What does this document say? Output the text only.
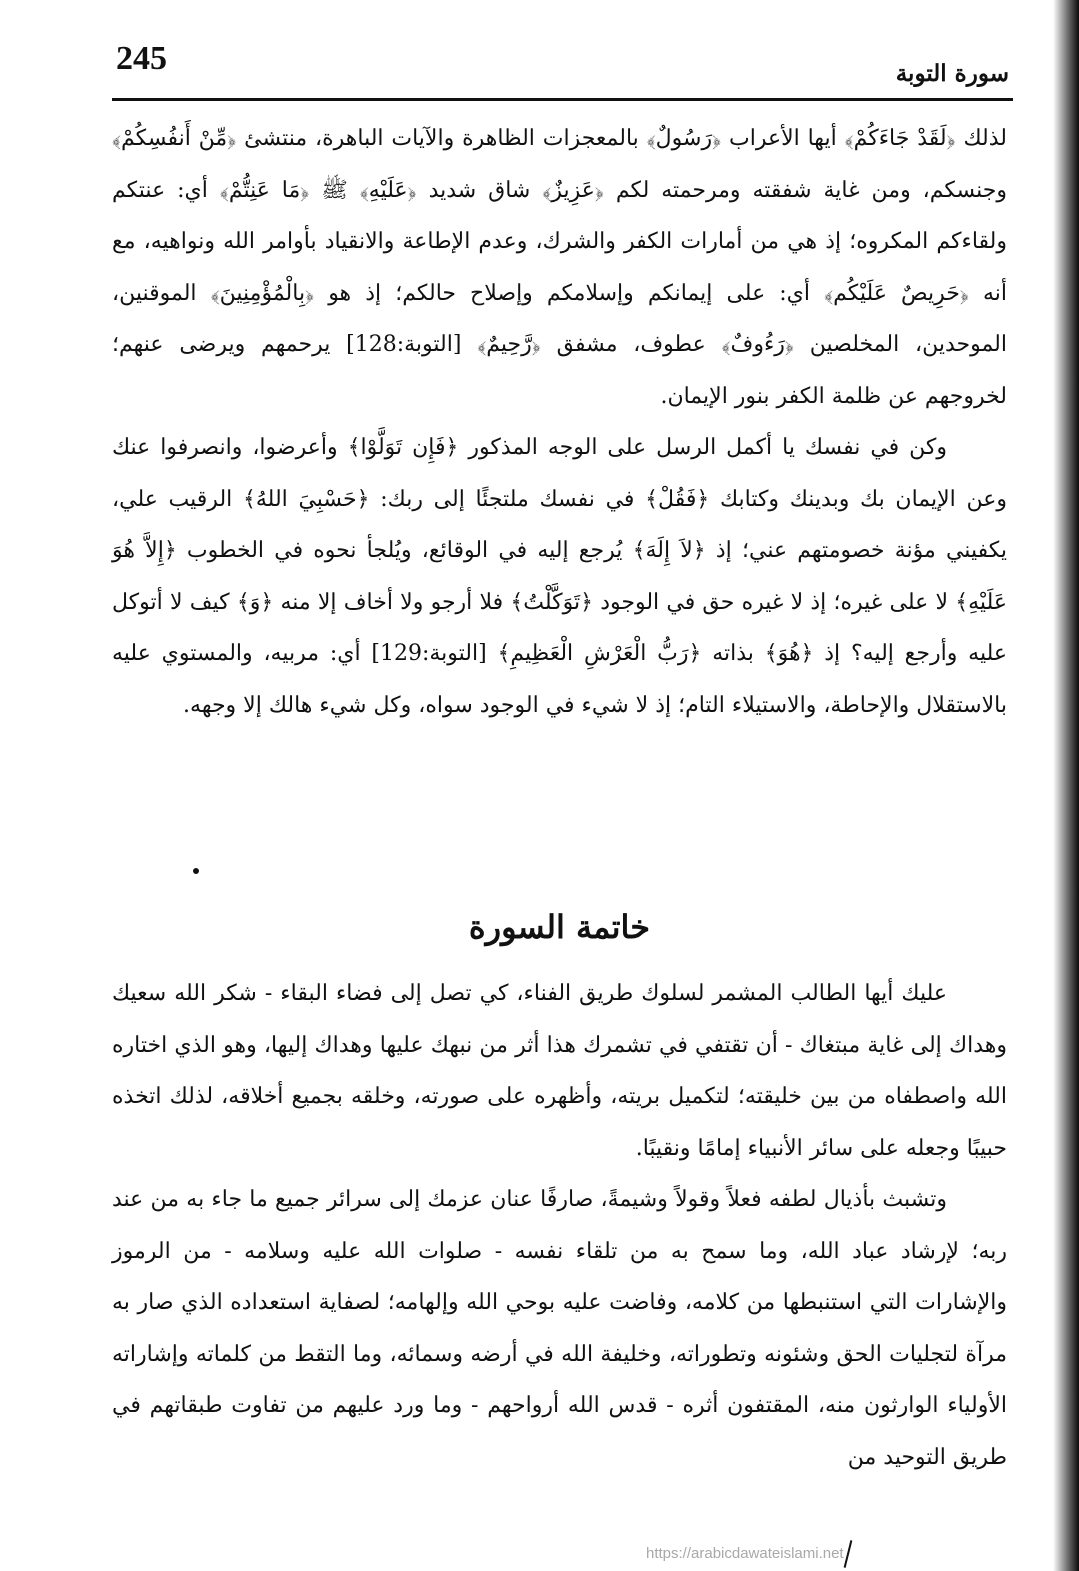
245	سورة التوبة

لذلك ﴿لَقَدْ جَاءَكُمْ﴾ أيها الأعراب ﴿رَسُولٌ﴾ بالمعجزات الظاهرة والآيات الباهرة، منتشئ ﴿مِّنْ أَنفُسِكُمْ﴾ وجنسكم، ومن غاية شفقته ومرحمته لكم ﴿عَزِيزٌ﴾ شاق شديد ﴿عَلَيْهِ﴾ ﷺ ﴿مَا عَنِتُّمْ﴾ أي: عنتكم ولقاءكم المكروه؛ إذ هي من أمارات الكفر والشرك، وعدم الإطاعة والانقياد بأوامر الله ونواهيه، مع أنه ﴿حَرِيصٌ عَلَيْكُم﴾ أي: على إيمانكم وإسلامكم وإصلاح حالكم؛ إذ هو ﴿بِالْمُؤْمِنِينَ﴾ الموقنين، الموحدين، المخلصين ﴿رَءُوفٌ﴾ عطوف، مشفق ﴿رَّحِيمٌ﴾ [التوبة:128] يرحمهم ويرضى عنهم؛ لخروجهم عن ظلمة الكفر بنور الإيمان.

وكن في نفسك يا أكمل الرسل على الوجه المذكور ﴿فَإِن تَوَلَّوْا﴾ وأعرضوا، وانصرفوا عنك وعن الإيمان بك وبدينك وكتابك ﴿فَقُلْ﴾ في نفسك ملتجئًا إلى ربك: ﴿حَسْبِيَ اللهُ﴾ الرقيب علي، يكفيني مؤنة خصومتهم عني؛ إذ ﴿لاَ إِلَهَ﴾ يُرجع إليه في الوقائع، ويُلجأ نحوه في الخطوب ﴿إِلاَّ هُوَ عَلَيْهِ﴾ لا على غيره؛ إذ لا غيره حق في الوجود ﴿تَوَكَّلْتُ﴾ فلا أرجو ولا أخاف إلا منه ﴿وَ﴾ كيف لا أتوكل عليه وأرجع إليه؟ إذ ﴿هُوَ﴾ بذاته ﴿رَبُّ الْعَرْشِ الْعَظِيمِ﴾ [التوبة:129] أي: مربيه، والمستوي عليه بالاستقلال والإحاطة، والاستيلاء التام؛ إذ لا شيء في الوجود سواه، وكل شيء هالك إلا وجهه.

خاتمة السورة

عليك أيها الطالب المشمر لسلوك طريق الفناء، كي تصل إلى فضاء البقاء - شكر الله سعيك وهداك إلى غاية مبتغاك - أن تقتفي في تشمرك هذا أثر من نبهك عليها وهداك إليها، وهو الذي اختاره الله واصطفاه من بين خليقته؛ لتكميل بريته، وأظهره على صورته، وخلقه بجميع أخلاقه، لذلك اتخذه حبيبًا وجعله على سائر الأنبياء إمامًا ونقيبًا.

وتشبث بأذيال لطفه فعلاً وقولاً وشيمةً، صارفًا عنان عزمك إلى سرائر جميع ما جاء به من عند ربه؛ لإرشاد عباد الله، وما سمح به من تلقاء نفسه - صلوات الله عليه وسلامه - من الرموز والإشارات التي استنبطها من كلامه، وفاضت عليه بوحي الله وإلهامه؛ لصفاية استعداده الذي صار به مرآة لتجليات الحق وشئونه وتطوراته، وخليفة الله في أرضه وسمائه، وما التقط من كلماته وإشاراته الأولياء الوارثون منه، المقتفون أثره - قدس الله أرواحهم - وما ورد عليهم من تفاوت طبقاتهم في طريق التوحيد من

https://arabicdawateislami.net
